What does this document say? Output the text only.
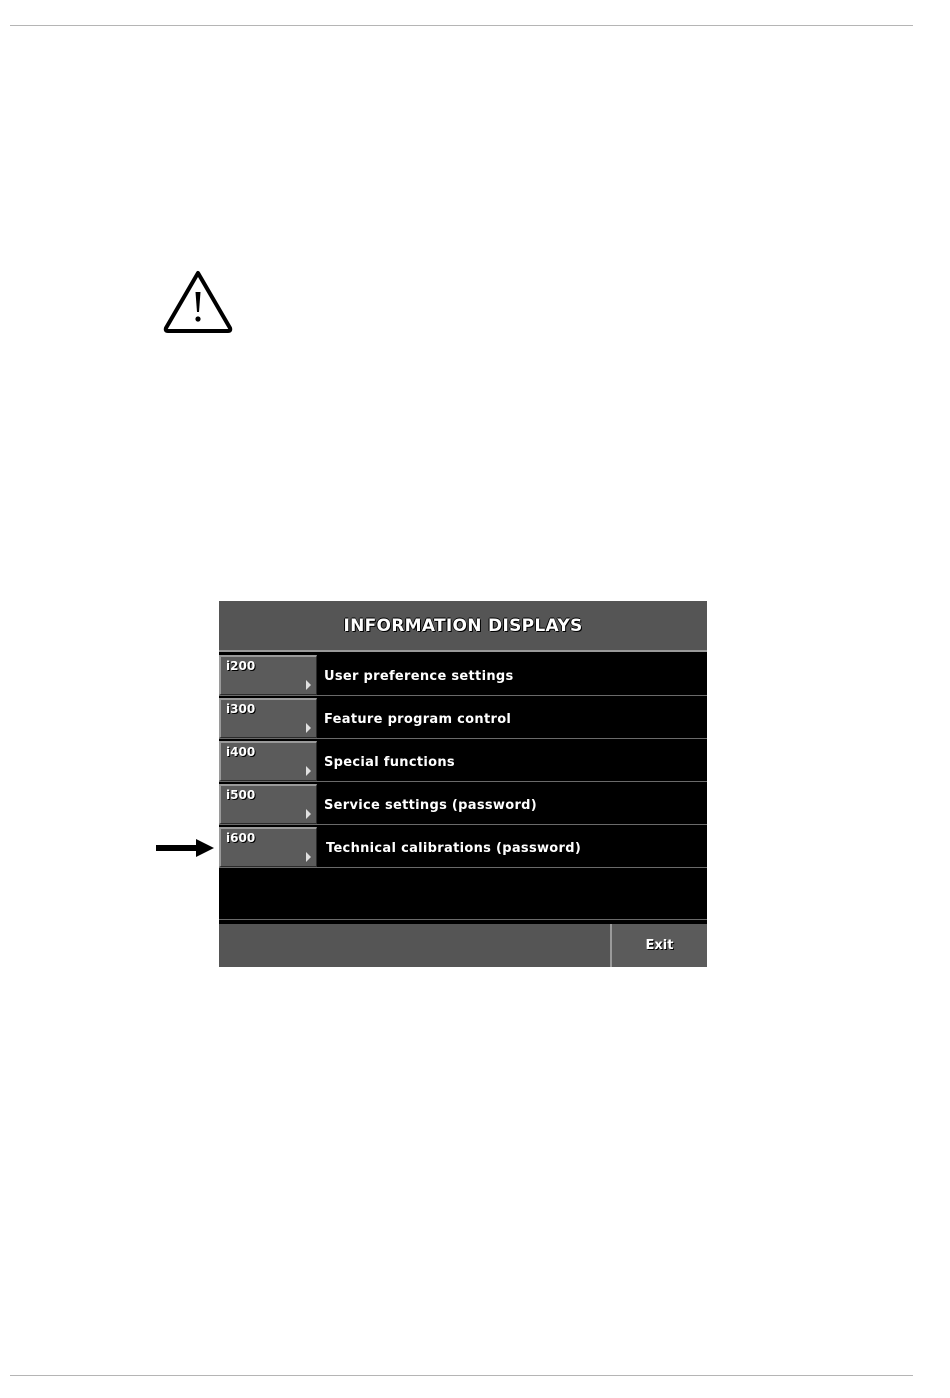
INFORMATION DISPLAYS
i200
User preference settings
i300
Feature program control
i400
Special functions
i500
Service settings (password)
i600
Technical calibrations (password)
Exit
